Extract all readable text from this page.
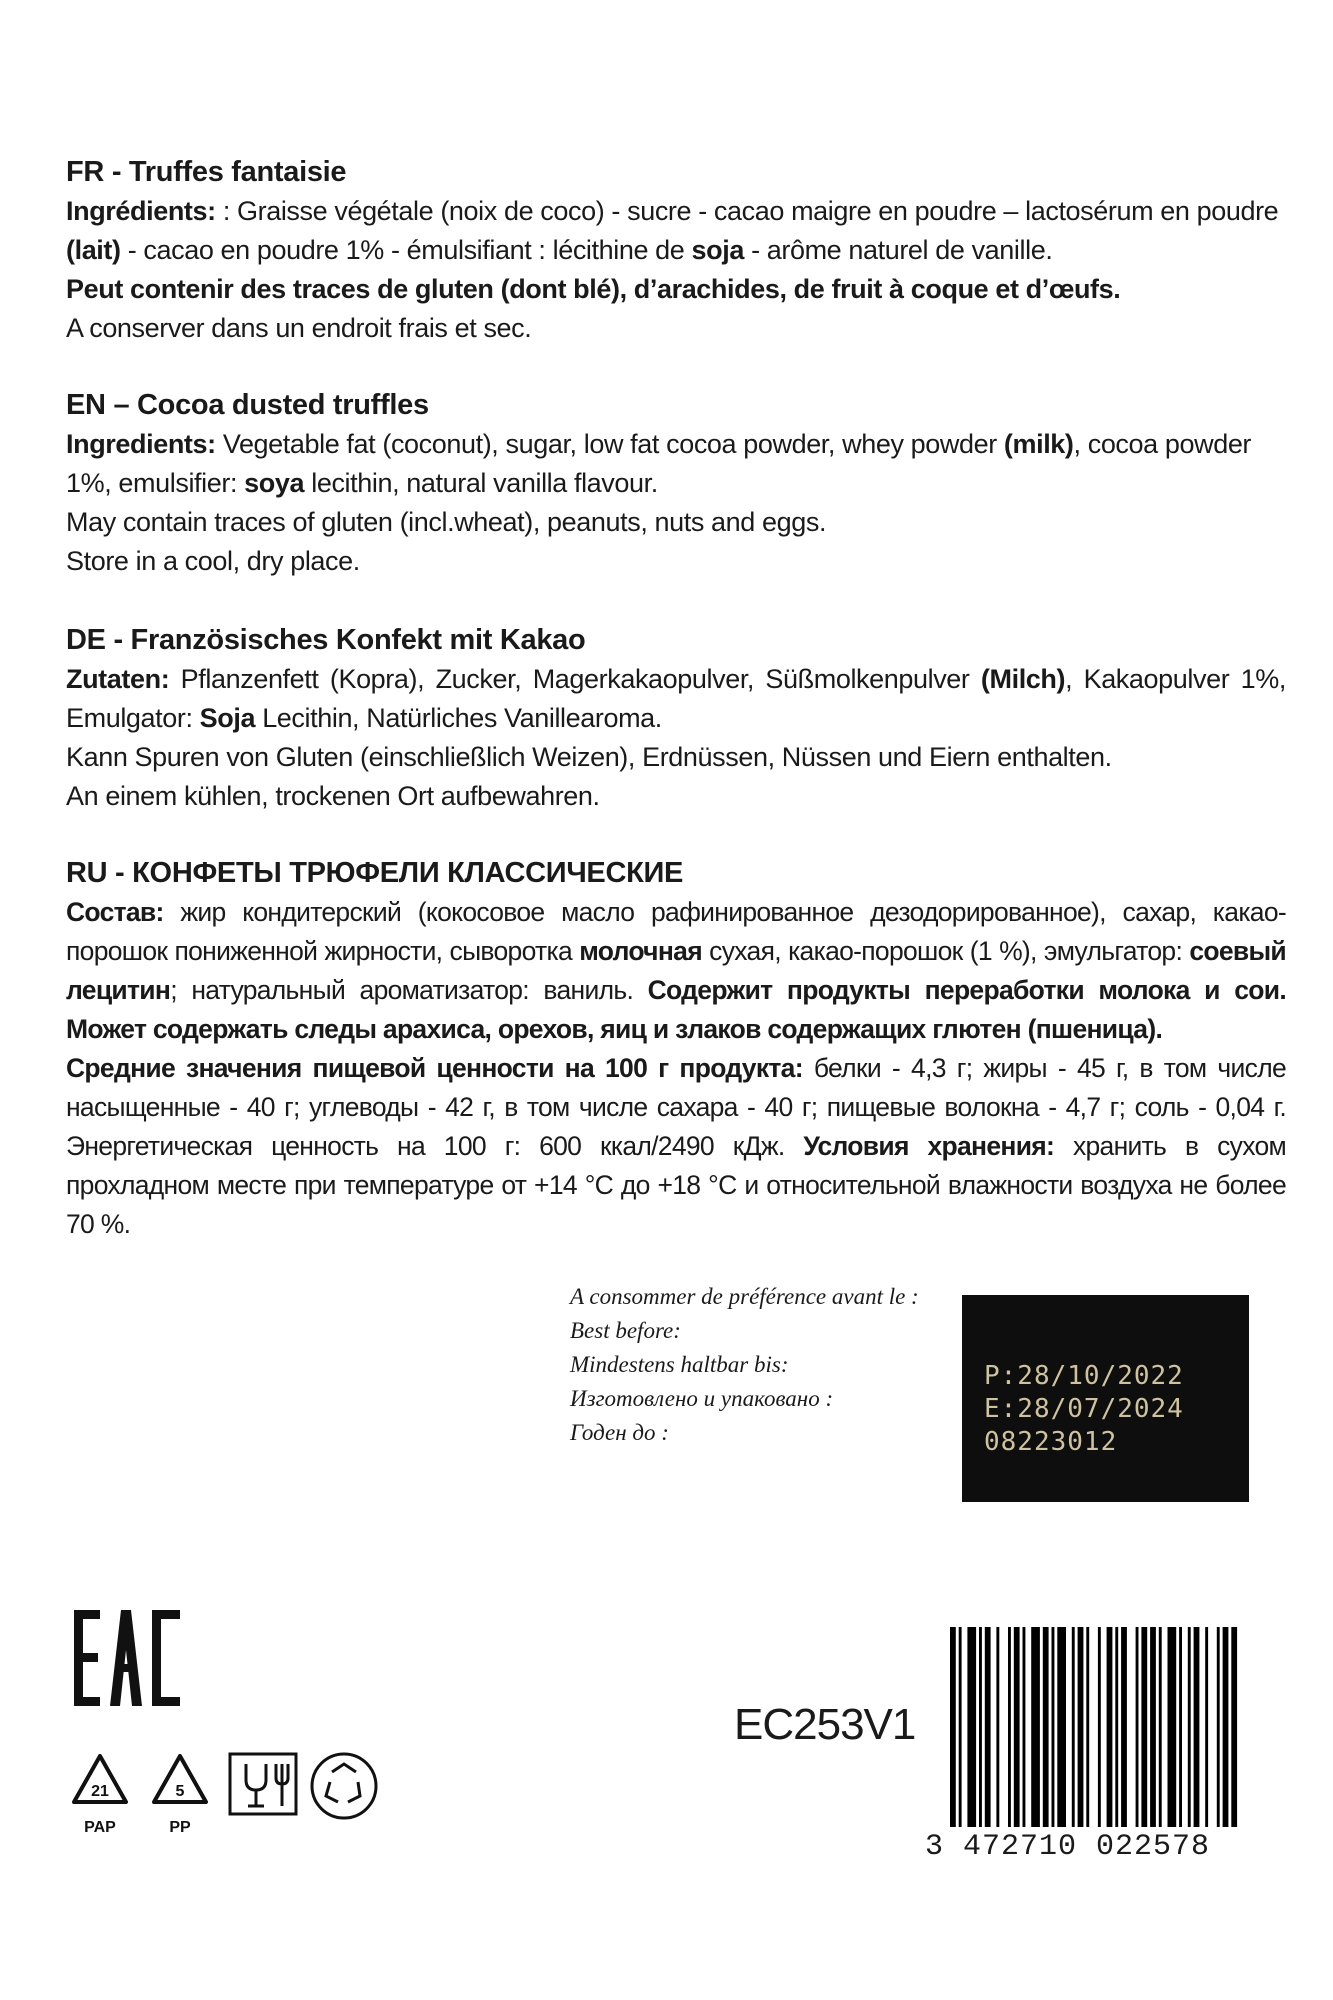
FR - Truffes fantaisie

Ingrédients: : Graisse végétale (noix de coco) - sucre - cacao maigre en poudre – lactosérum en poudre (lait) - cacao en poudre 1% - émulsifiant : lécithine de soja - arôme naturel de vanille.

Peut contenir des traces de gluten (dont blé), d’arachides, de fruit à coque et d’œufs.

A conserver dans un endroit frais et sec.

EN – Cocoa dusted truffles

Ingredients: Vegetable fat (coconut), sugar, low fat cocoa powder, whey powder (milk), cocoa powder 1%, emulsifier: soya lecithin, natural vanilla flavour.

May contain traces of gluten (incl.wheat), peanuts, nuts and eggs.

Store in a cool, dry place.

DE - Französisches Konfekt mit Kakao

Zutaten: Pflanzenfett (Kopra), Zucker, Magerkakaopulver, Süßmolkenpulver (Milch), Kakaopulver 1%, Emulgator: Soja Lecithin, Natürliches Vanillearoma.

Kann Spuren von Gluten (einschließlich Weizen), Erdnüssen, Nüssen und Eiern enthalten.

An einem kühlen, trockenen Ort aufbewahren.

RU - КОНФЕТЫ ТРЮФЕЛИ КЛАССИЧЕСКИЕ

Состав: жир кондитерский (кокосовое масло рафинированное дезодорированное), сахар, какао-порошок пониженной жирности, сыворотка молочная сухая, какао-порошок (1 %), эмульгатор: соевый лецитин; натуральный ароматизатор: ваниль. Содержит продукты переработки молока и сои. Может содержать следы арахиса, орехов, яиц и злаков содержащих глютен (пшеница).
Средние значения пищевой ценности на 100 г продукта: белки - 4,3 г; жиры - 45 г, в том числе насыщенные - 40 г; углеводы - 42 г, в том числе сахара - 40 г; пищевые волокна - 4,7 г; соль - 0,04 г. Энергетическая ценность на 100 г: 600 ккал/2490 кДж. Условия хранения: хранить в сухом прохладном месте при температуре от +14 °С до +18 °С и относительной влажности воздуха не более 70 %.

A consommer de préférence avant le :

Best before:

Mindestens haltbar bis:

Изготовлено и упаковано :

Годен до :

P:28/10/2022

E:28/07/2024

08223012

EC253V1

21
PAP
5
PP

3 472710 022578
